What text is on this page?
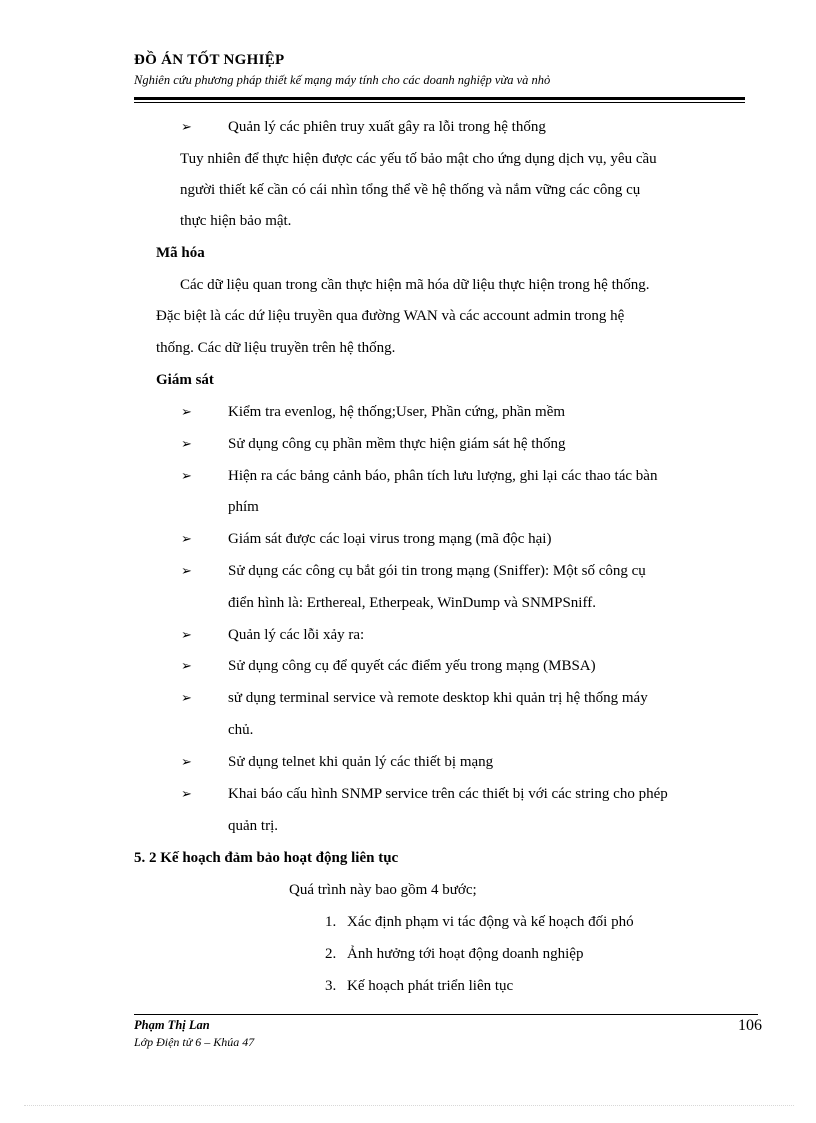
ĐỒ ÁN TỐT NGHIỆP
Nghiên cứu phương pháp thiết kế mạng máy tính cho các doanh nghiệp vừa và nhỏ
➢ Quản lý các phiên truy xuất gây ra lỗi trong hệ thống
Tuy nhiên để thực hiện được các yếu tố bảo mật cho ứng dụng dịch vụ, yêu cầu
người thiết kế cần có cái nhìn tổng thể về hệ thống và nắm vững các công cụ
thực hiện bảo mật.
Mã hóa
Các dữ liệu quan trong cần thực hiện mã hóa dữ liệu thực hiện trong hệ thống.
Đặc biệt là các dứ liệu truyền qua đường WAN và các account admin trong hệ
thống. Các dữ liệu truyền trên hệ thống.
Giám sát
➢ Kiểm tra evenlog, hệ thống;User, Phần cứng, phần mềm
➢ Sử dụng công cụ phần mềm thực hiện giám sát hệ thống
➢ Hiện ra các bảng cảnh báo, phân tích lưu lượng, ghi lại các thao tác bàn
phím
➢ Giám sát được các loại virus trong mạng (mã độc hại)
➢ Sử dụng các công cụ bắt gói tin trong mạng (Sniffer): Một số công cụ
điển hình là: Erthereal, Etherpeak, WinDump và SNMPSniff.
➢ Quản lý các lỗi xảy ra:
➢ Sử dụng công cụ để quyết các điểm yếu trong mạng (MBSA)
➢ sử dụng terminal service và remote desktop khi quản trị hệ thống máy
chủ.
➢ Sử dụng telnet khi quản lý các thiết bị mạng
➢ Khai báo cấu hình SNMP service trên các thiết bị với các string cho phép
quản trị.
5. 2 Kế hoạch đảm bảo hoạt động liên tục
Quá trình này bao gồm 4 bước;
1. Xác định phạm vi tác động và kế hoạch đối phó
2. Ảnh hưởng tới hoạt động doanh nghiệp
3. Kế hoạch phát triển liên tục
Phạm Thị Lan
Lớp Điện tử 6 – Khúa 47
106
